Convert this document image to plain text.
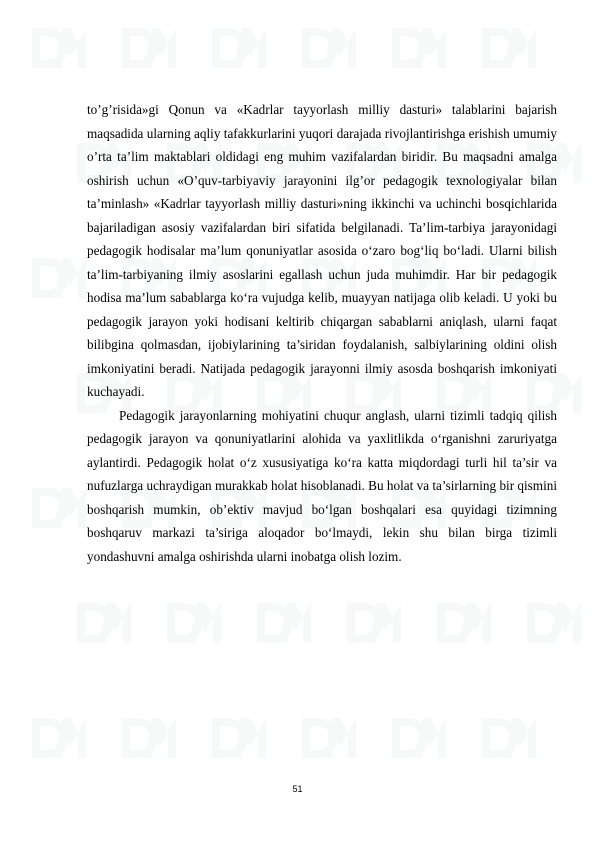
to’g’risida»gi Qonun va «Kadrlar tayyorlash milliy dasturi» talablarini bajarish maqsadida ularning aqliy tafakkurlarini yuqori darajada rivojlantirishga erishish umumiy o’rta ta’lim maktablari oldidagi eng muhim vazifalardan biridir. Bu maqsadni amalga oshirish uchun «O’quv-tarbiyaviy jarayonini ilg’or pedagogik texnologiyalar bilan ta’minlash» «Kadrlar tayyorlash milliy dasturi»ning ikkinchi va uchinchi bosqichlarida bajariladigan asosiy vazifalardan biri sifatida belgilanadi. Ta’lim-tarbiya jarayonidagi pedagogik hodisalar ma’lum qonuniyatlar asosida o‘zaro bog‘liq bo‘ladi. Ularni bilish ta’lim-tarbiyaning ilmiy asoslarini egallash uchun juda muhimdir. Har bir pedagogik hodisa ma’lum sabablarga ko‘ra vujudga kelib, muayyan natijaga olib keladi. U yoki bu pedagogik jarayon yoki hodisani keltirib chiqargan sabablarni aniqlash, ularni faqat bilibgina qolmasdan, ijobiylarining ta’siridan foydalanish, salbiylarining oldini olish imkoniyatini beradi. Natijada pedagogik jarayonni ilmiy asosda boshqarish imkoniyati kuchayadi.

Pedagogik jarayonlarning mohiyatini chuqur anglash, ularni tizimli tadqiq qilish pedagogik jarayon va qonuniyatlarini alohida va yaxlitlikda o‘rganishni zaruriyatga aylantirdi. Pedagogik holat o‘z xususiyatiga ko‘ra katta miqdordagi turli hil ta’sir va nufuzlarga uchraydigan murakkab holat hisoblanadi. Bu holat va ta’sirlarning bir qismini boshqarish mumkin, ob’ektiv mavjud bo‘lgan boshqalari esa quyidagi tizimning boshqaruv markazi ta’siriga aloqador bo‘lmaydi, lekin shu bilan birga tizimli yondashuvni amalga oshirishda ularni inobatga olish lozim.

51
